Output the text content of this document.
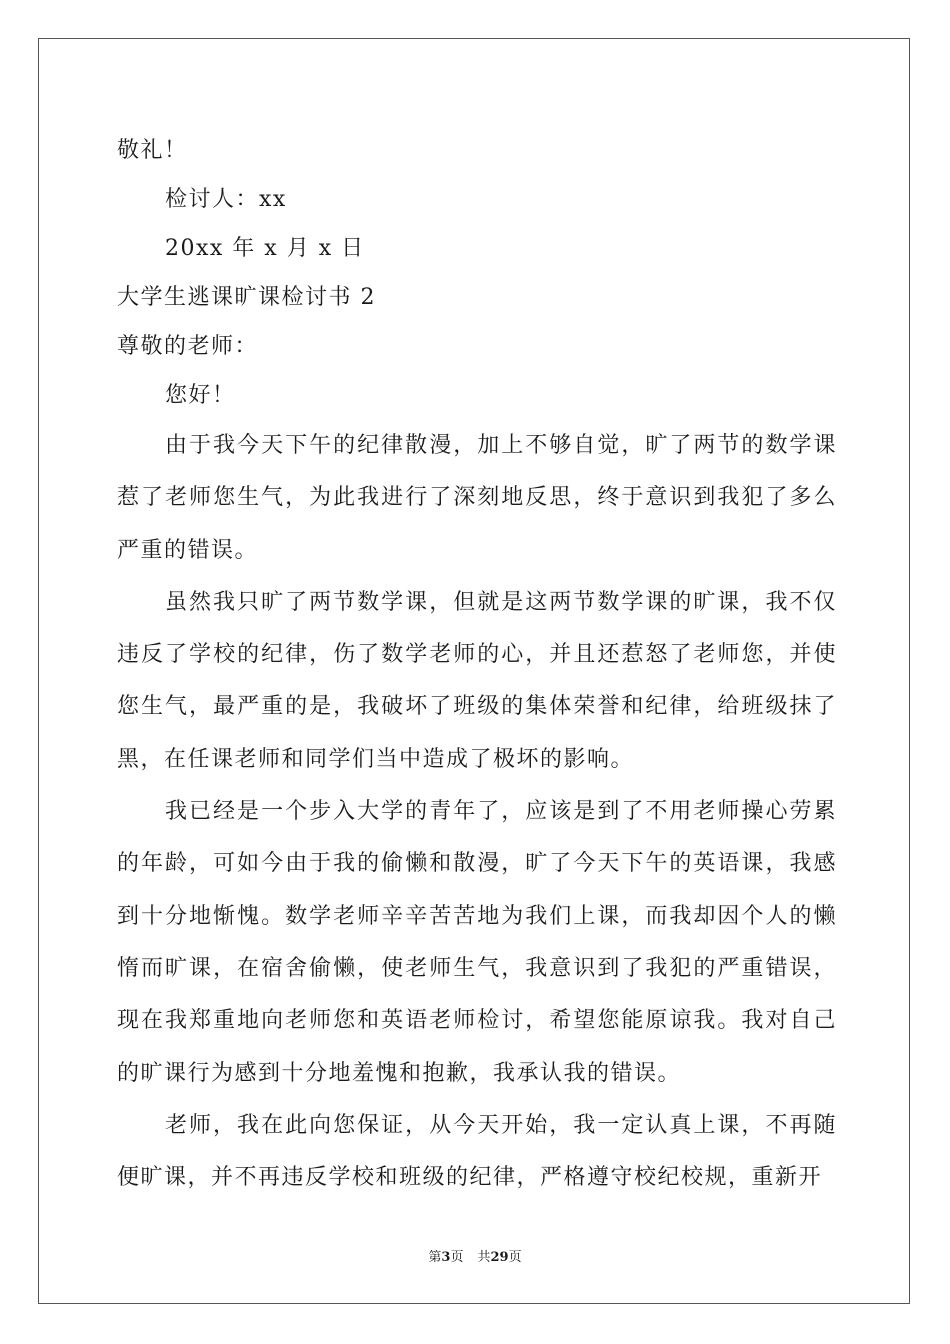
敬礼！
检讨人：xx
20xx 年 x 月 x 日
大学生逃课旷课检讨书 2
尊敬的老师：
您好！

由于我今天下午的纪律散漫，加上不够自觉，旷了两节的数学课惹了老师您生气，为此我进行了深刻地反思，终于意识到我犯了多么严重的错误。

虽然我只旷了两节数学课，但就是这两节数学课的旷课，我不仅违反了学校的纪律，伤了数学老师的心，并且还惹怒了老师您，并使您生气，最严重的是，我破坏了班级的集体荣誉和纪律，给班级抹了黑，在任课老师和同学们当中造成了极坏的影响。

我已经是一个步入大学的青年了，应该是到了不用老师操心劳累的年龄，可如今由于我的偷懒和散漫，旷了今天下午的英语课，我感到十分地惭愧。数学老师辛辛苦苦地为我们上课，而我却因个人的懒惰而旷课，在宿舍偷懒，使老师生气，我意识到了我犯的严重错误，现在我郑重地向老师您和英语老师检讨，希望您能原谅我。我对自己的旷课行为感到十分地羞愧和抱歉，我承认我的错误。

老师，我在此向您保证，从今天开始，我一定认真上课，不再随便旷课，并不再违反学校和班级的纪律，严格遵守校纪校规，重新开

第3页 共29页
